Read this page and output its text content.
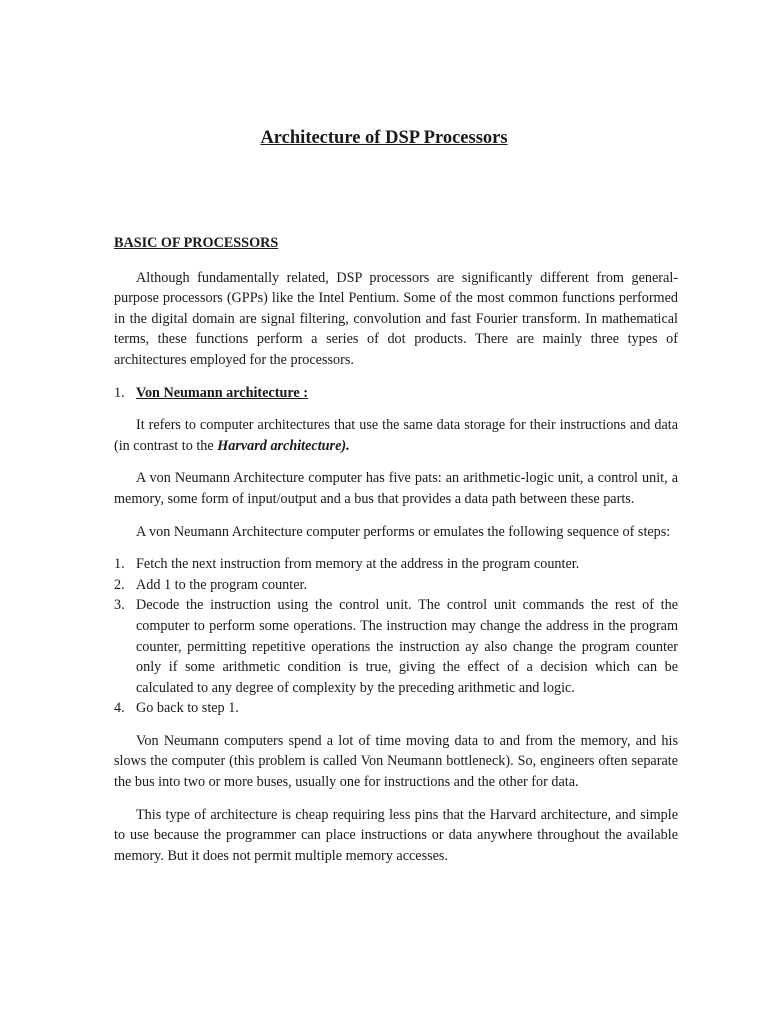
Architecture of DSP Processors

BASIC OF PROCESSORS

Although fundamentally related, DSP processors are significantly different from general-purpose processors (GPPs) like the Intel Pentium. Some of the most common functions performed in the digital domain are signal filtering, convolution and fast Fourier transform. In mathematical terms, these functions perform a series of dot products. There are mainly three types of architectures employed for the processors.

1. Von Neumann architecture :

It refers to computer architectures that use the same data storage for their instructions and data (in contrast to the Harvard architecture).

A von Neumann Architecture computer has five pats: an arithmetic-logic unit, a control unit, a memory, some form of input/output and a bus that provides a data path between these parts.

A von Neumann Architecture computer performs or emulates the following sequence of steps:

1. Fetch the next instruction from memory at the address in the program counter.
2. Add 1 to the program counter.
3. Decode the instruction using the control unit. The control unit commands the rest of the computer to perform some operations. The instruction may change the address in the program counter, permitting repetitive operations the instruction ay also change the program counter only if some arithmetic condition is true, giving the effect of a decision which can be calculated to any degree of complexity by the preceding arithmetic and logic.
4. Go back to step 1.

Von Neumann computers spend a lot of time moving data to and from the memory, and his slows the computer (this problem is called Von Neumann bottleneck). So, engineers often separate the bus into two or more buses, usually one for instructions and the other for data.

This type of architecture is cheap requiring less pins that the Harvard architecture, and simple to use because the programmer can place instructions or data anywhere throughout the available memory. But it does not permit multiple memory accesses.
